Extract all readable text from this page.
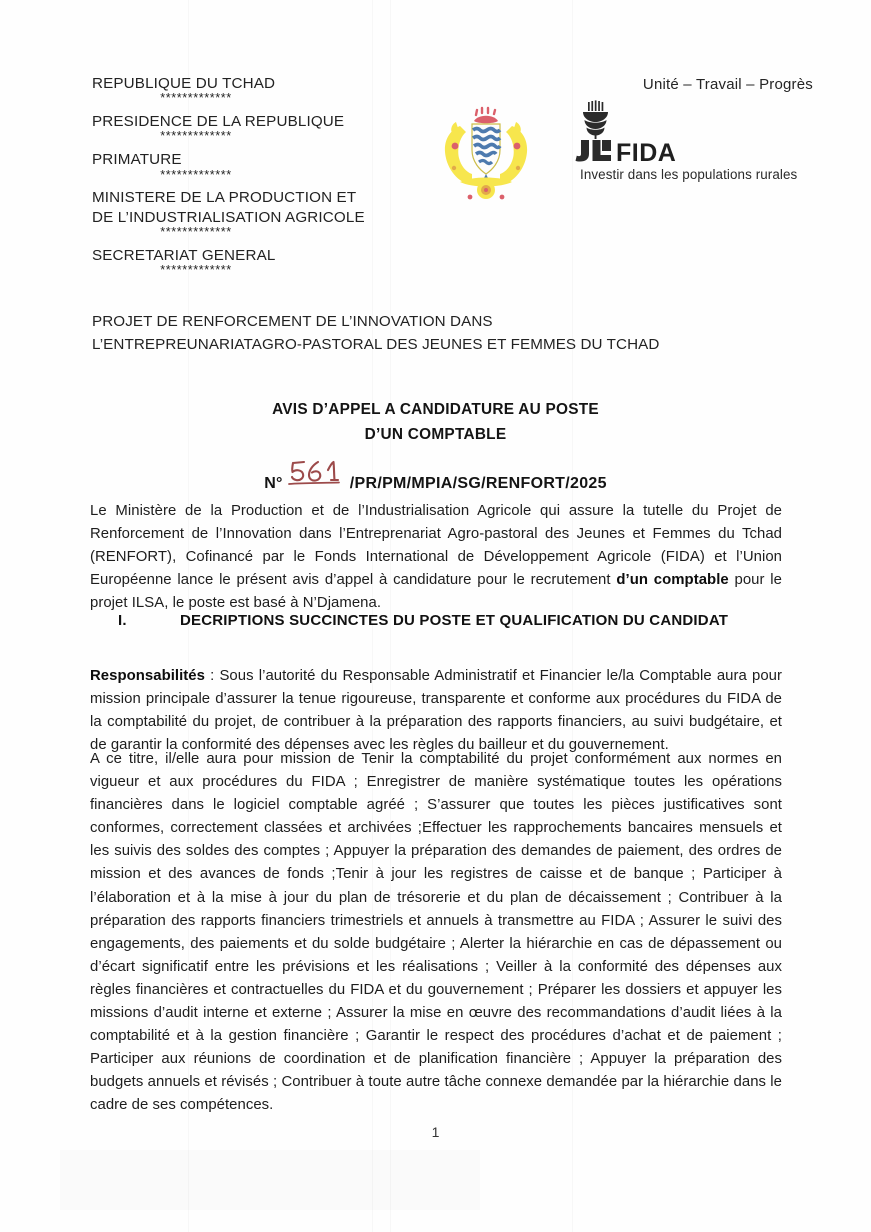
REPUBLIQUE DU TCHAD
*************
PRESIDENCE DE LA REPUBLIQUE
*************
PRIMATURE
*************
MINISTERE DE LA PRODUCTION ET
DE L’INDUSTRIALISATION AGRICOLE
*************
SECRETARIAT GENERAL
*************
Unité – Travail – Progrès
FIDA
Investir dans les populations rurales
PROJET DE RENFORCEMENT DE L’INNOVATION DANS
L’ENTREPREUNARIATAGRO-PASTORAL DES JEUNES ET FEMMES DU TCHAD
AVIS D’APPEL A CANDIDATURE AU POSTE
D’UN COMPTABLE
N°	/PR/PM/MPIA/SG/RENFORT/2025
Le Ministère de la Production et de l’Industrialisation Agricole qui assure la tutelle du Projet de Renforcement de l’Innovation dans l’Entreprenariat Agro-pastoral des Jeunes et Femmes du Tchad (RENFORT), Cofinancé par le Fonds International de Développement Agricole (FIDA) et l’Union Européenne lance le présent avis d’appel à candidature pour le recrutement d’un comptable pour le projet ILSA, le poste est basé à N’Djamena.
I.	DECRIPTIONS SUCCINCTES DU POSTE ET QUALIFICATION DU CANDIDAT
Responsabilités : Sous l’autorité du Responsable Administratif et Financier le/la Comptable aura pour mission principale d’assurer la tenue rigoureuse, transparente et conforme aux procédures du FIDA de la comptabilité du projet, de contribuer à la préparation des rapports financiers, au suivi budgétaire, et de garantir la conformité des dépenses avec les règles du bailleur et du gouvernement.
A ce titre, il/elle aura pour mission de Tenir la comptabilité du projet conformément aux normes en vigueur et aux procédures du FIDA ; Enregistrer de manière systématique toutes les opérations financières dans le logiciel comptable agréé ; S’assurer que toutes les pièces justificatives sont conformes, correctement classées et archivées ;Effectuer les rapprochements bancaires mensuels et les suivis des soldes des comptes ; Appuyer la préparation des demandes de paiement, des ordres de mission et des avances de fonds ;Tenir à jour les registres de caisse et de banque ; Participer à l’élaboration et à la mise à jour du plan de trésorerie et du plan de décaissement ; Contribuer à la préparation des rapports financiers trimestriels et annuels à transmettre au FIDA ; Assurer le suivi des engagements, des paiements et du solde budgétaire ; Alerter la hiérarchie en cas de dépassement ou d’écart significatif entre les prévisions et les réalisations ; Veiller à la conformité des dépenses aux règles financières et contractuelles du FIDA et du gouvernement ; Préparer les dossiers et appuyer les missions d’audit interne et externe ; Assurer la mise en œuvre des recommandations d’audit liées à la comptabilité et à la gestion financière ; Garantir le respect des procédures d’achat et de paiement ; Participer aux réunions de coordination et de planification financière ; Appuyer la préparation des budgets annuels et révisés ; Contribuer à toute autre tâche connexe demandée par la hiérarchie dans le cadre de ses compétences.
1
